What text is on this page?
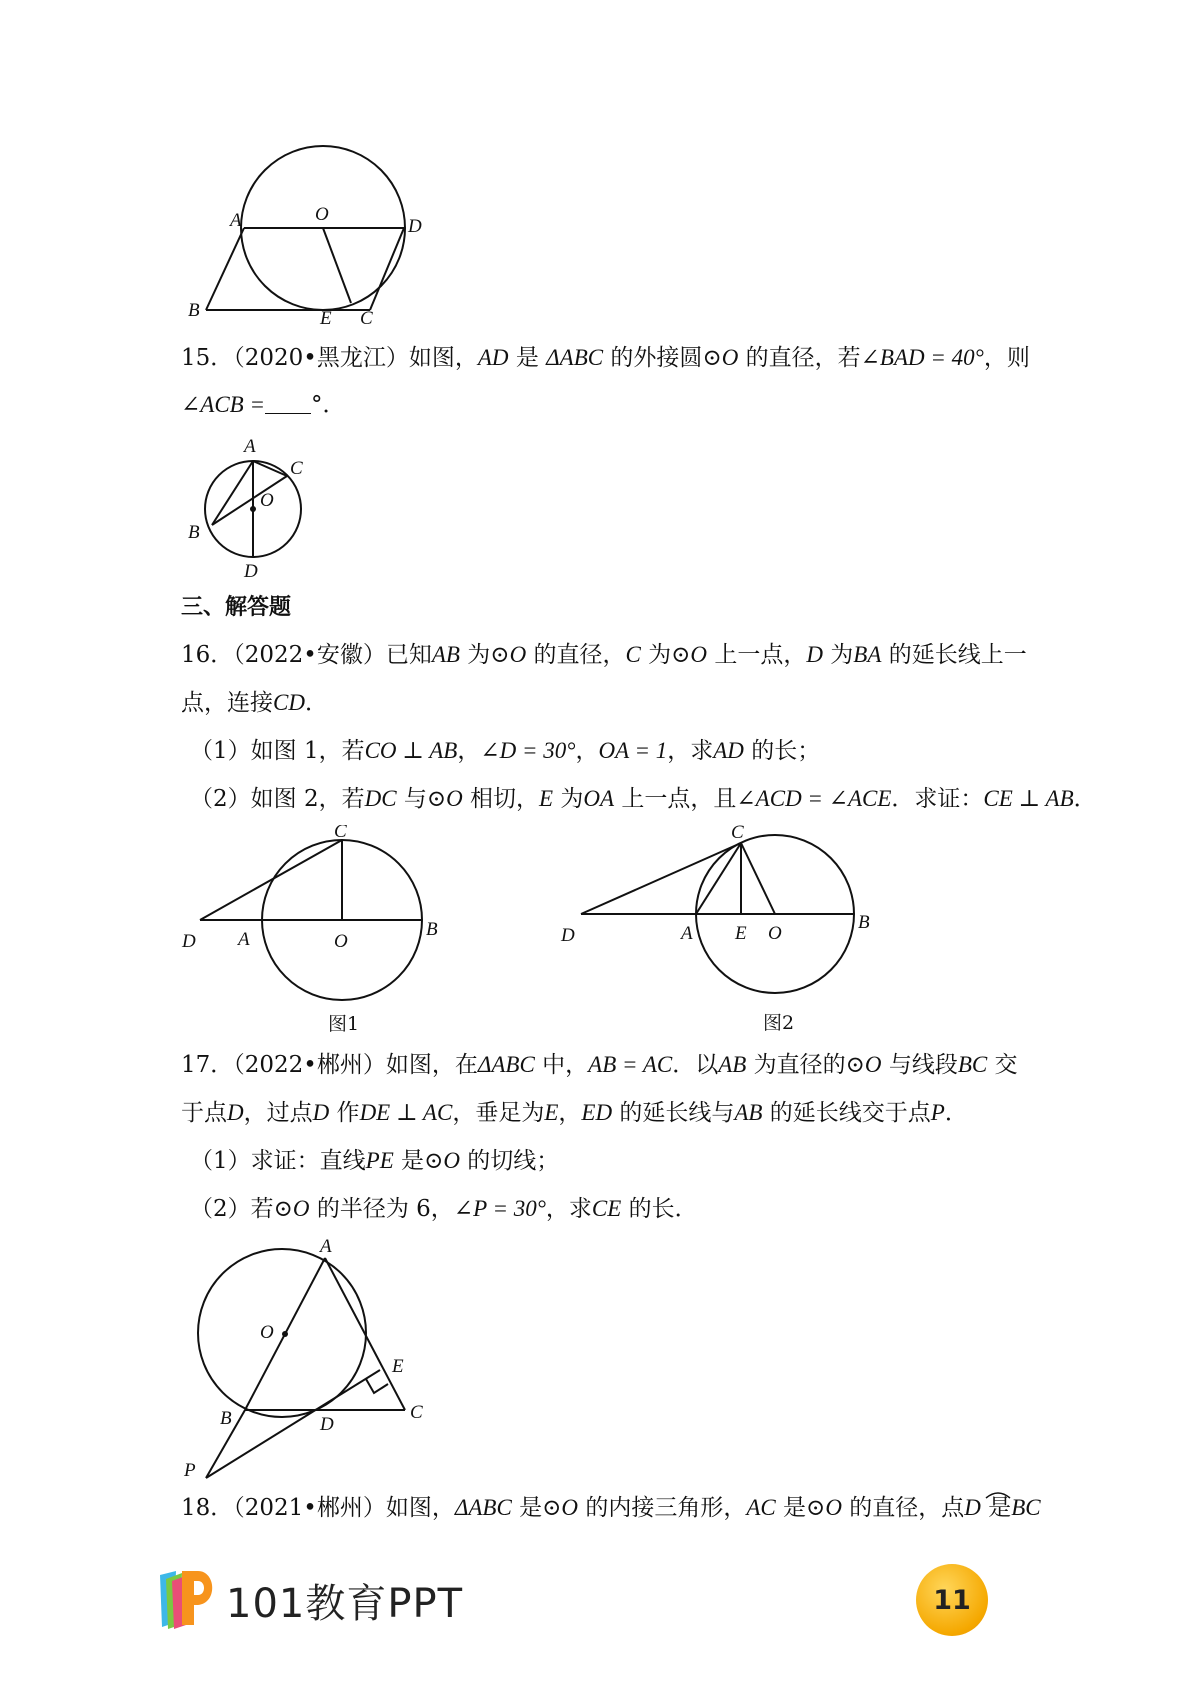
A	O
D
B	E C
15．（2020•黑龙江）如图，AD 是 ΔABC 的外接圆⊙O 的直径，若∠BAD = 40°，则
∠ACB = °．
A
C
O
B
D
三、解答题
16．（2022•安徽）已知AB 为⊙O 的直径，C 为⊙O 上一点，D 为BA 的延长线上一
点，连接CD．
（1）如图 1，若CO ⊥ AB，∠D = 30°，OA = 1，求AD 的长；
（2）如图 2，若DC 与⊙O 相切，E 为OA 上一点，且∠ACD = ∠ACE．求证：CE ⊥ AB．
C
D A	O
B
图1
C
D	A E O
B
图2
17．（2022•郴州）如图，在ΔABC 中，AB = AC．以AB 为直径的⊙O 与线段BC 交
于点D，过点D 作DE ⊥ AC，垂足为E，ED 的延长线与AB 的延长线交于点P．
（1）求证：直线PE 是⊙O 的切线；
（2）若⊙O 的半径为 6，∠P = 30°，求CE 的长．
A
O
E
B	D
C
P
18．（2021•郴州）如图，ΔABC 是⊙O 的内接三角形，AC 是⊙O 的直径，点D 是BC
101教育PPT	11
